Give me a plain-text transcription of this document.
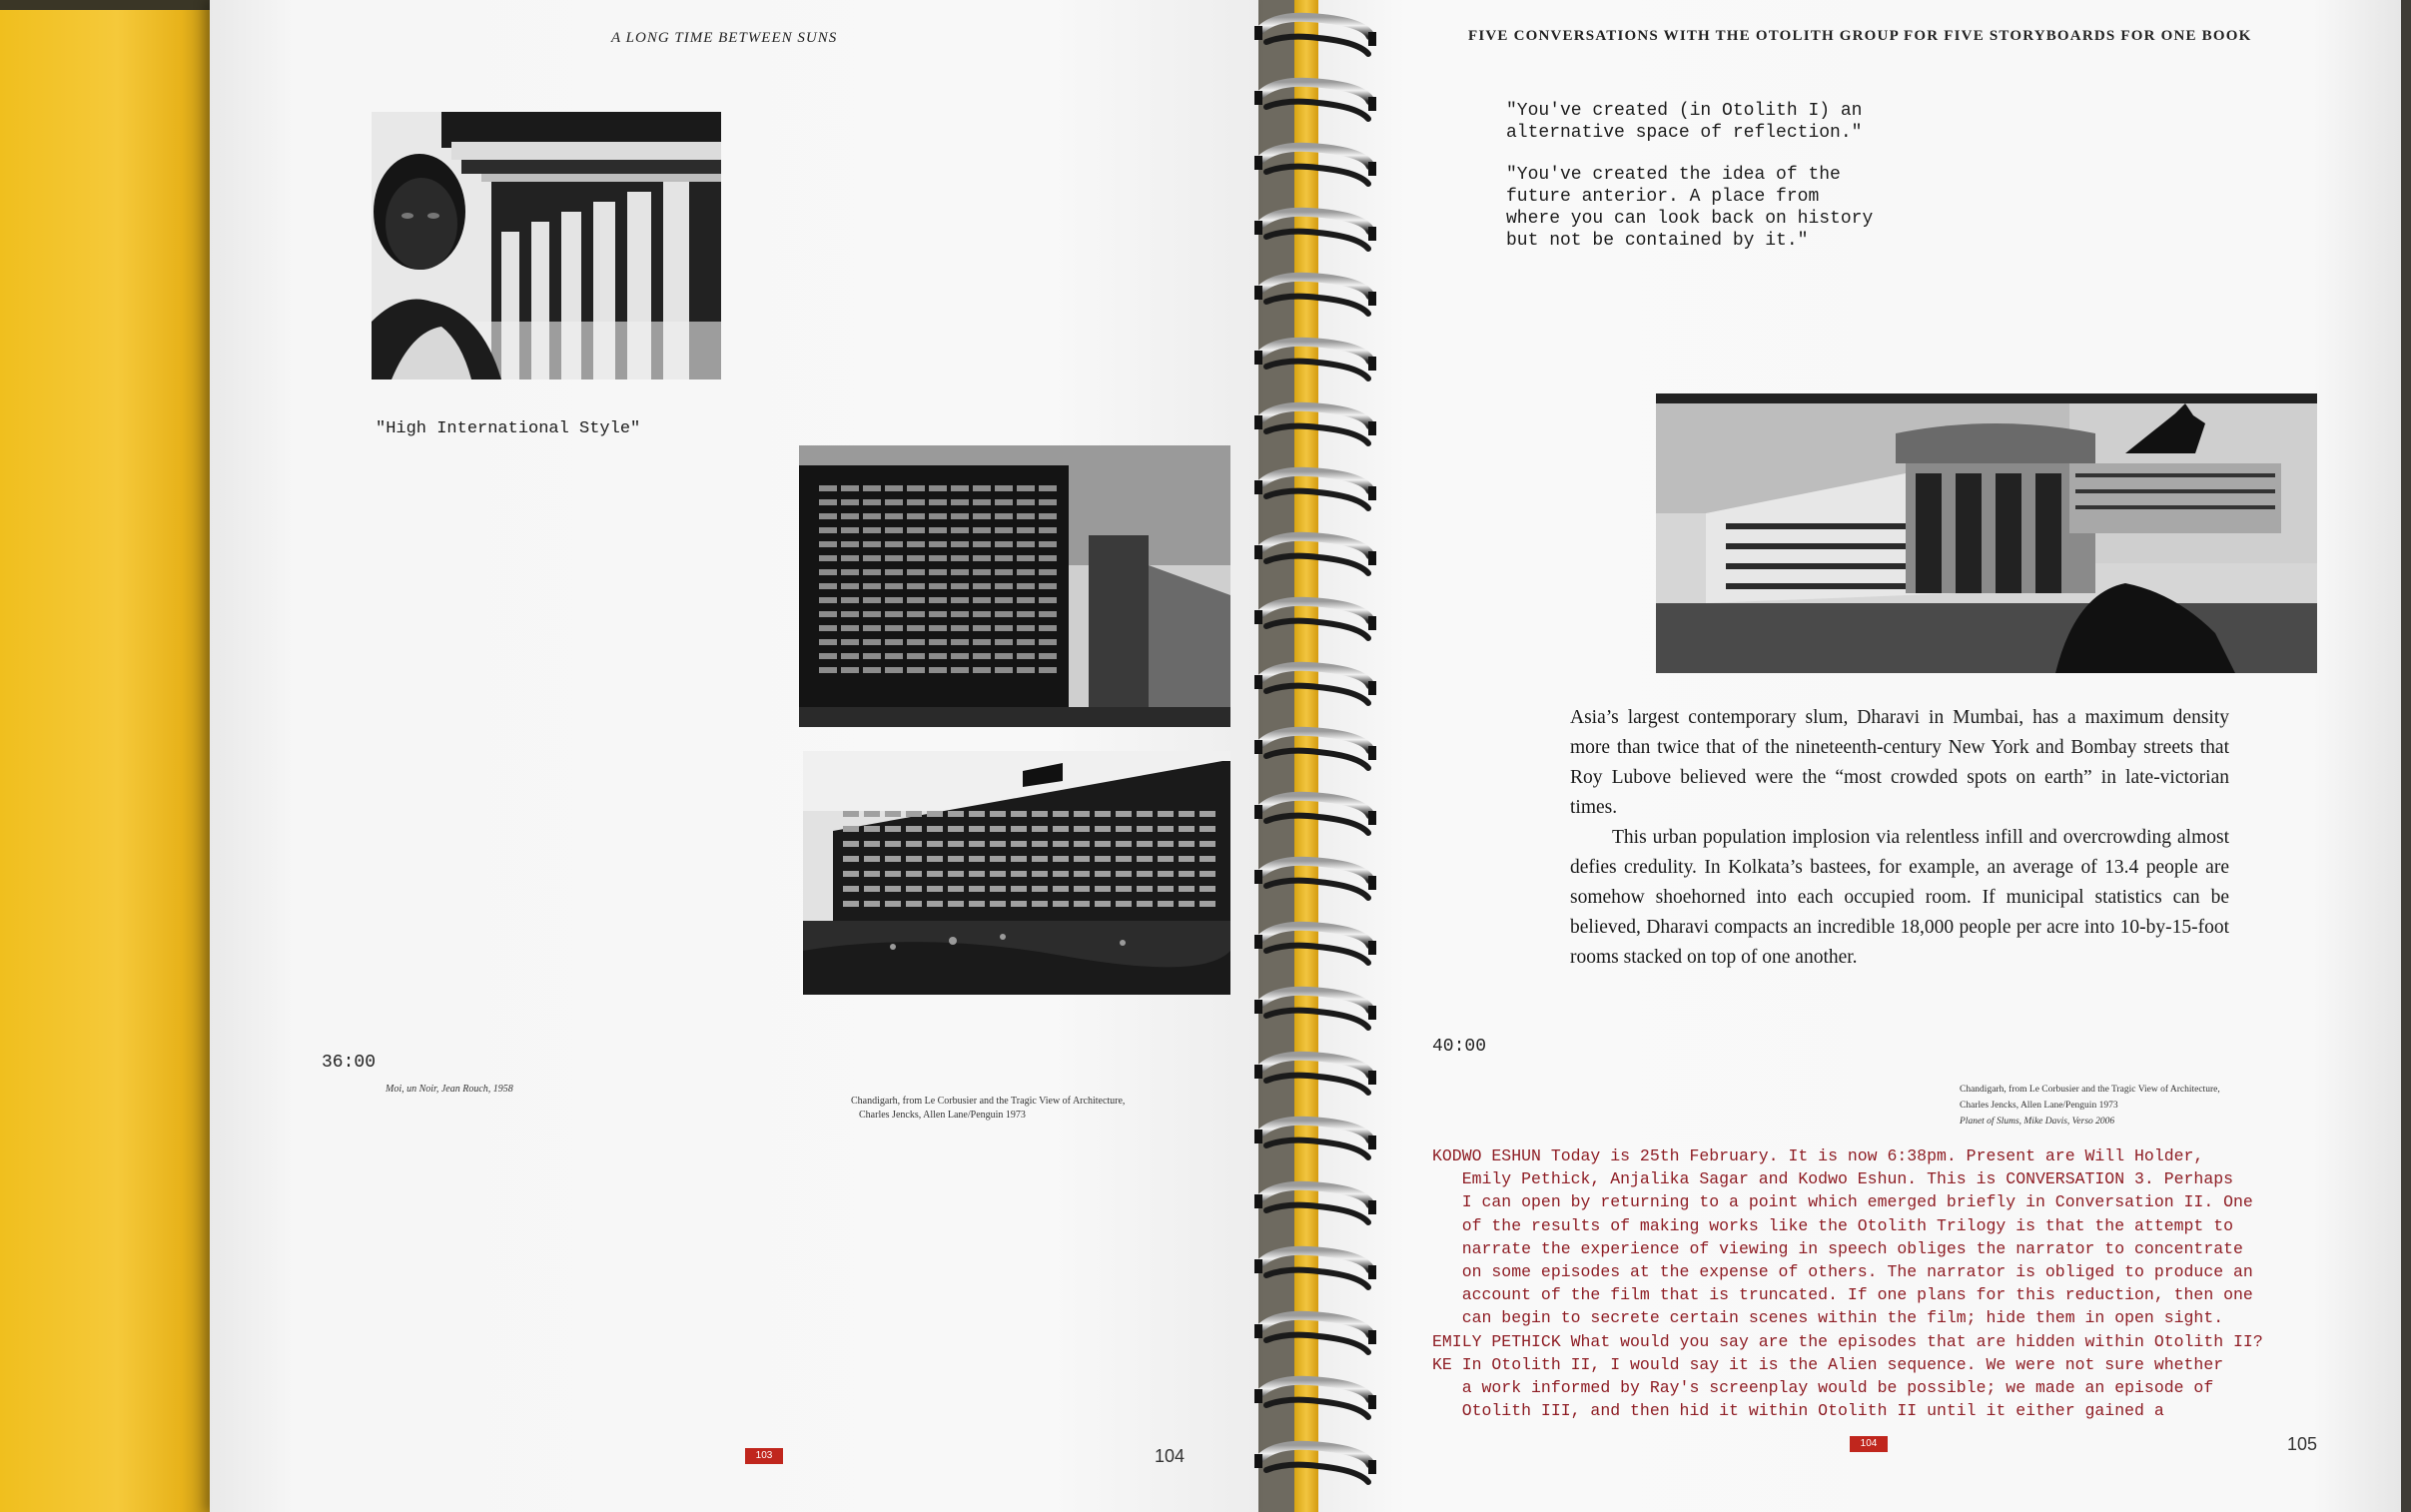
A LONG TIME BETWEEN SUNS
"High International Style"
36:00
Moi, un Noir, Jean Rouch, 1958
Chandigarh, from Le Corbusier and the Tragic View of Architecture,
Charles Jencks, Allen Lane/Penguin 1973
103	104
FIVE CONVERSATIONS WITH THE OTOLITH GROUP FOR FIVE STORYBOARDS FOR ONE BOOK

"You've created (in Otolith I) an
alternative space of reflection."

"You've created the idea of the
future anterior. A place from
where you can look back on history
but not be contained by it."

Asia’s largest contemporary slum, Dharavi in Mumbai, has a maximum density more than twice that of the nineteenth-century New York and Bombay streets that Roy Lubove believed were the “most crowded spots on earth” in late-victorian times.

This urban population implosion via relentless infill and overcrowding almost defies credulity. In Kolkata’s bastees, for example, an average of 13.4 people are somehow shoehorned into each occupied room. If municipal statistics can be believed, Dharavi compacts an incredible 18,000 people per acre into 10-by-15-foot rooms stacked on top of one another.

40:00
Chandigarh, from Le Corbusier and the Tragic View of Architecture,
Charles Jencks, Allen Lane/Penguin 1973
Planet of Slums, Mike Davis, Verso 2006
KODWO ESHUN Today is 25th February. It is now 6:38pm. Present are Will Holder,
Emily Pethick, Anjalika Sagar and Kodwo Eshun. This is CONVERSATION 3. Perhaps
I can open by returning to a point which emerged briefly in Conversation II. One
of the results of making works like the Otolith Trilogy is that the attempt to
narrate the experience of viewing in speech obliges the narrator to concentrate
on some episodes at the expense of others. The narrator is obliged to produce an
account of the film that is truncated. If one plans for this reduction, then one
can begin to secrete certain scenes within the film; hide them in open sight.
EMILY PETHICK What would you say are the episodes that are hidden within Otolith II?
KE In Otolith II, I would say it is the Alien sequence. We were not sure whether
a work informed by Ray's screenplay would be possible; we made an episode of
Otolith III, and then hid it within Otolith II until it either gained a
104	105
